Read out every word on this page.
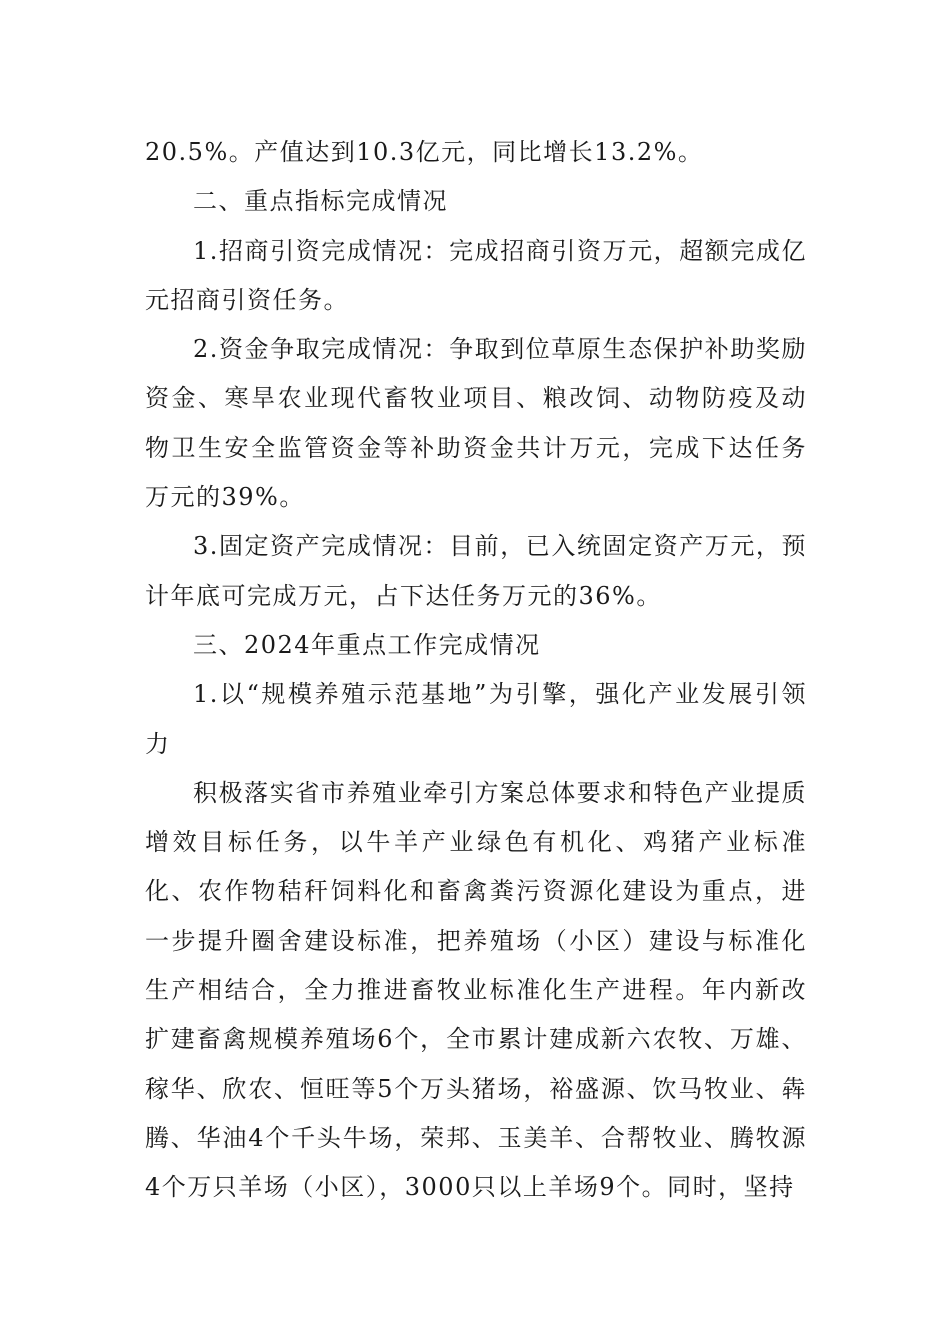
20.5%。产值达到10.3亿元，同比增长13.2%。

二、重点指标完成情况

1.招商引资完成情况：完成招商引资万元，超额完成亿元招商引资任务。

2.资金争取完成情况：争取到位草原生态保护补助奖励资金、寒旱农业现代畜牧业项目、粮改饲、动物防疫及动物卫生安全监管资金等补助资金共计万元，完成下达任务万元的39%。

3.固定资产完成情况：目前，已入统固定资产万元，预计年底可完成万元，占下达任务万元的36%。

三、2024年重点工作完成情况

1.以“规模养殖示范基地”为引擎，强化产业发展引领力

积极落实省市养殖业牵引方案总体要求和特色产业提质增效目标任务，以牛羊产业绿色有机化、鸡猪产业标准化、农作物秸秆饲料化和畜禽粪污资源化建设为重点，进一步提升圈舍建设标准，把养殖场（小区）建设与标准化生产相结合，全力推进畜牧业标准化生产进程。年内新改扩建畜禽规模养殖场6个，全市累计建成新六农牧、万雄、稼华、欣农、恒旺等5个万头猪场，裕盛源、饮马牧业、犇腾、华油4个千头牛场，荣邦、玉美羊、合帮牧业、腾牧源4个万只羊场（小区），3000只以上羊场9个。同时，坚持
